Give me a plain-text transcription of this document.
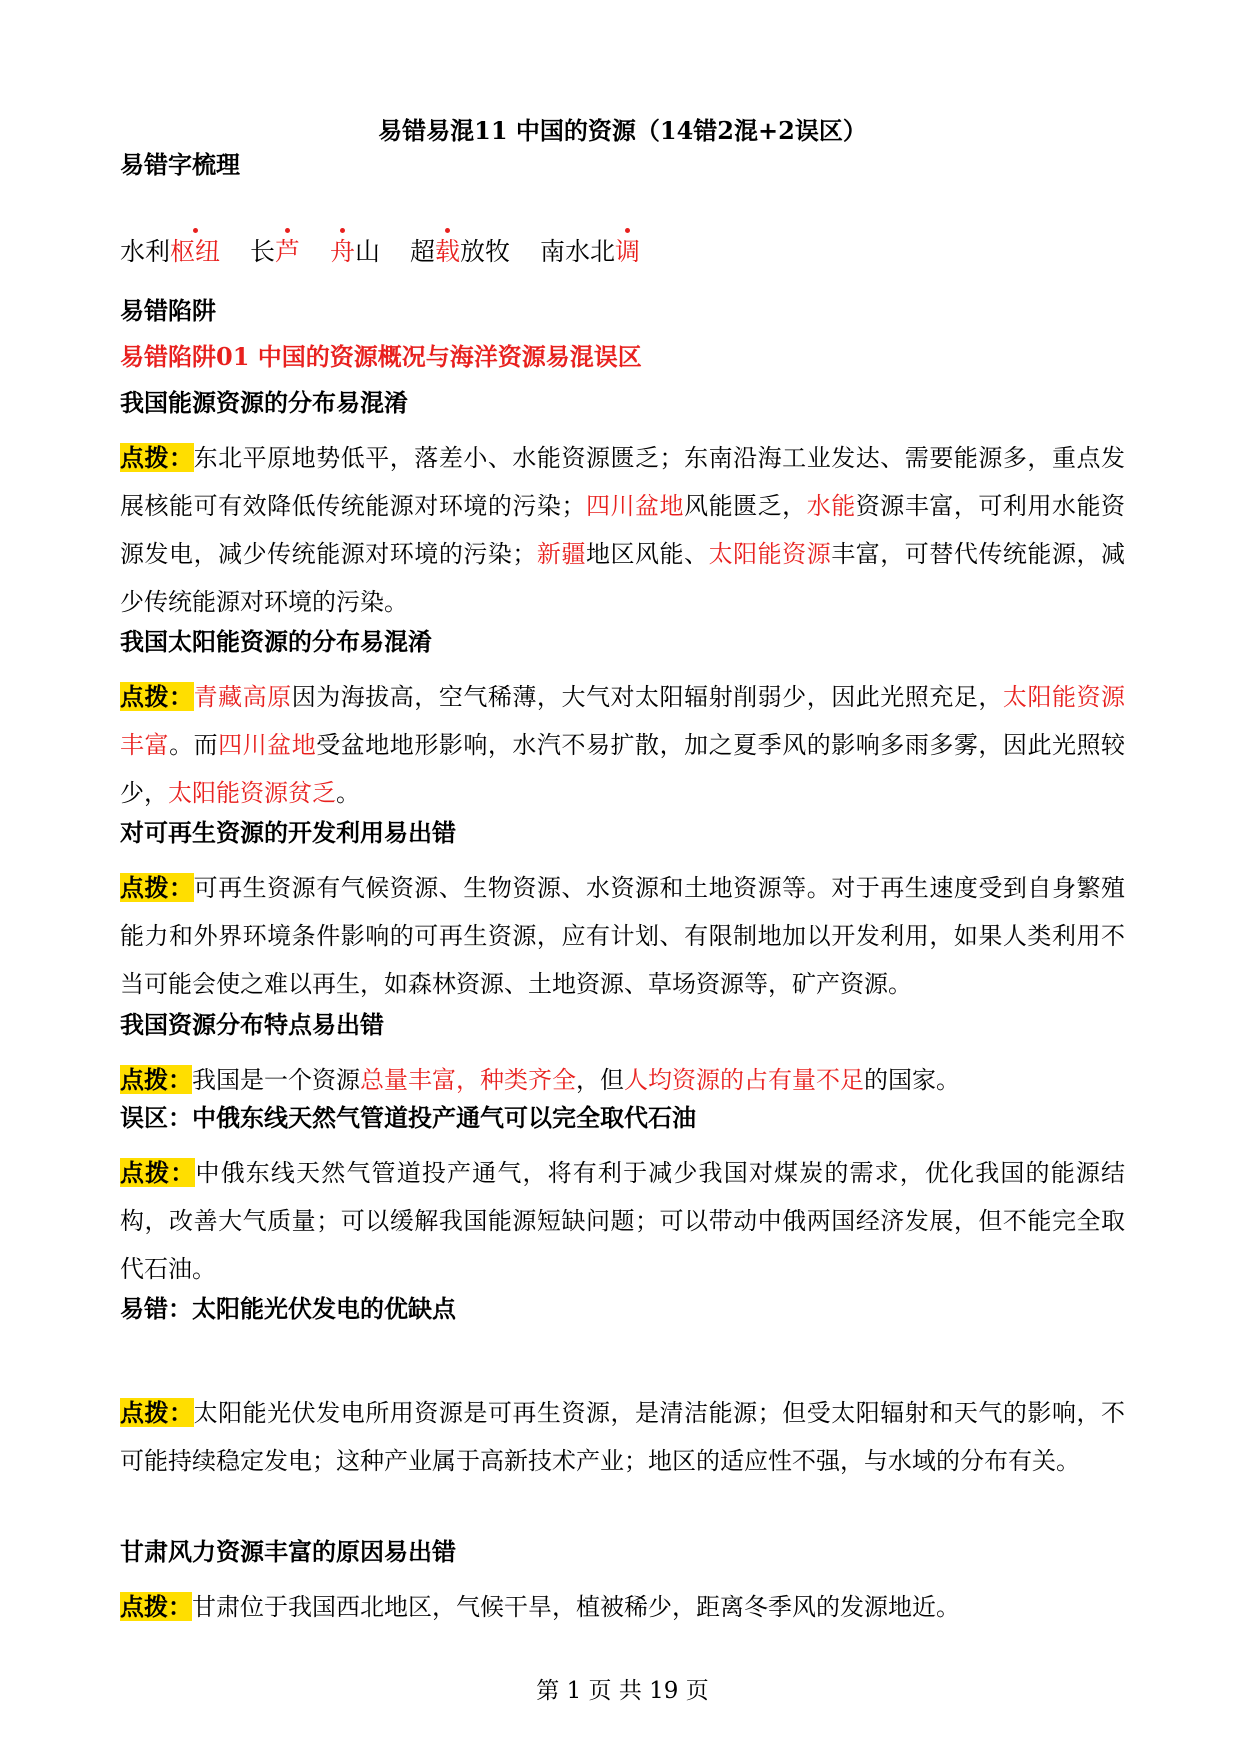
易错易混11 中国的资源（14错2混+2误区）
易错字梳理
水利枢纽 长芦 舟山 超载放牧 南水北调
易错陷阱
易错陷阱01 中国的资源概况与海洋资源易混误区
我国能源资源的分布易混淆
点拨：东北平原地势低平，落差小、水能资源匮乏；东南沿海工业发达、需要能源多，重点发展核能可有效降低传统能源对环境的污染；四川盆地风能匮乏，水能资源丰富，可利用水能资源发电，减少传统能源对环境的污染；新疆地区风能、太阳能资源丰富，可替代传统能源，减少传统能源对环境的污染。
我国太阳能资源的分布易混淆
点拨：青藏高原因为海拔高，空气稀薄，大气对太阳辐射削弱少，因此光照充足，太阳能资源丰富。而四川盆地受盆地地形影响，水汽不易扩散，加之夏季风的影响多雨多雾，因此光照较少，太阳能资源贫乏。
对可再生资源的开发利用易出错
点拨：可再生资源有气候资源、生物资源、水资源和土地资源等。对于再生速度受到自身繁殖能力和外界环境条件影响的可再生资源，应有计划、有限制地加以开发利用，如果人类利用不当可能会使之难以再生，如森林资源、土地资源、草场资源等，矿产资源。
我国资源分布特点易出错
点拨：我国是一个资源总量丰富，种类齐全，但人均资源的占有量不足的国家。
误区：中俄东线天然气管道投产通气可以完全取代石油
点拨：中俄东线天然气管道投产通气，将有利于减少我国对煤炭的需求，优化我国的能源结构，改善大气质量；可以缓解我国能源短缺问题；可以带动中俄两国经济发展，但不能完全取代石油。
易错：太阳能光伏发电的优缺点
点拨：太阳能光伏发电所用资源是可再生资源，是清洁能源；但受太阳辐射和天气的影响，不可能持续稳定发电；这种产业属于高新技术产业；地区的适应性不强，与水域的分布有关。
甘肃风力资源丰富的原因易出错
点拨：甘肃位于我国西北地区，气候干旱，植被稀少，距离冬季风的发源地近。
第 1 页 共 19 页
